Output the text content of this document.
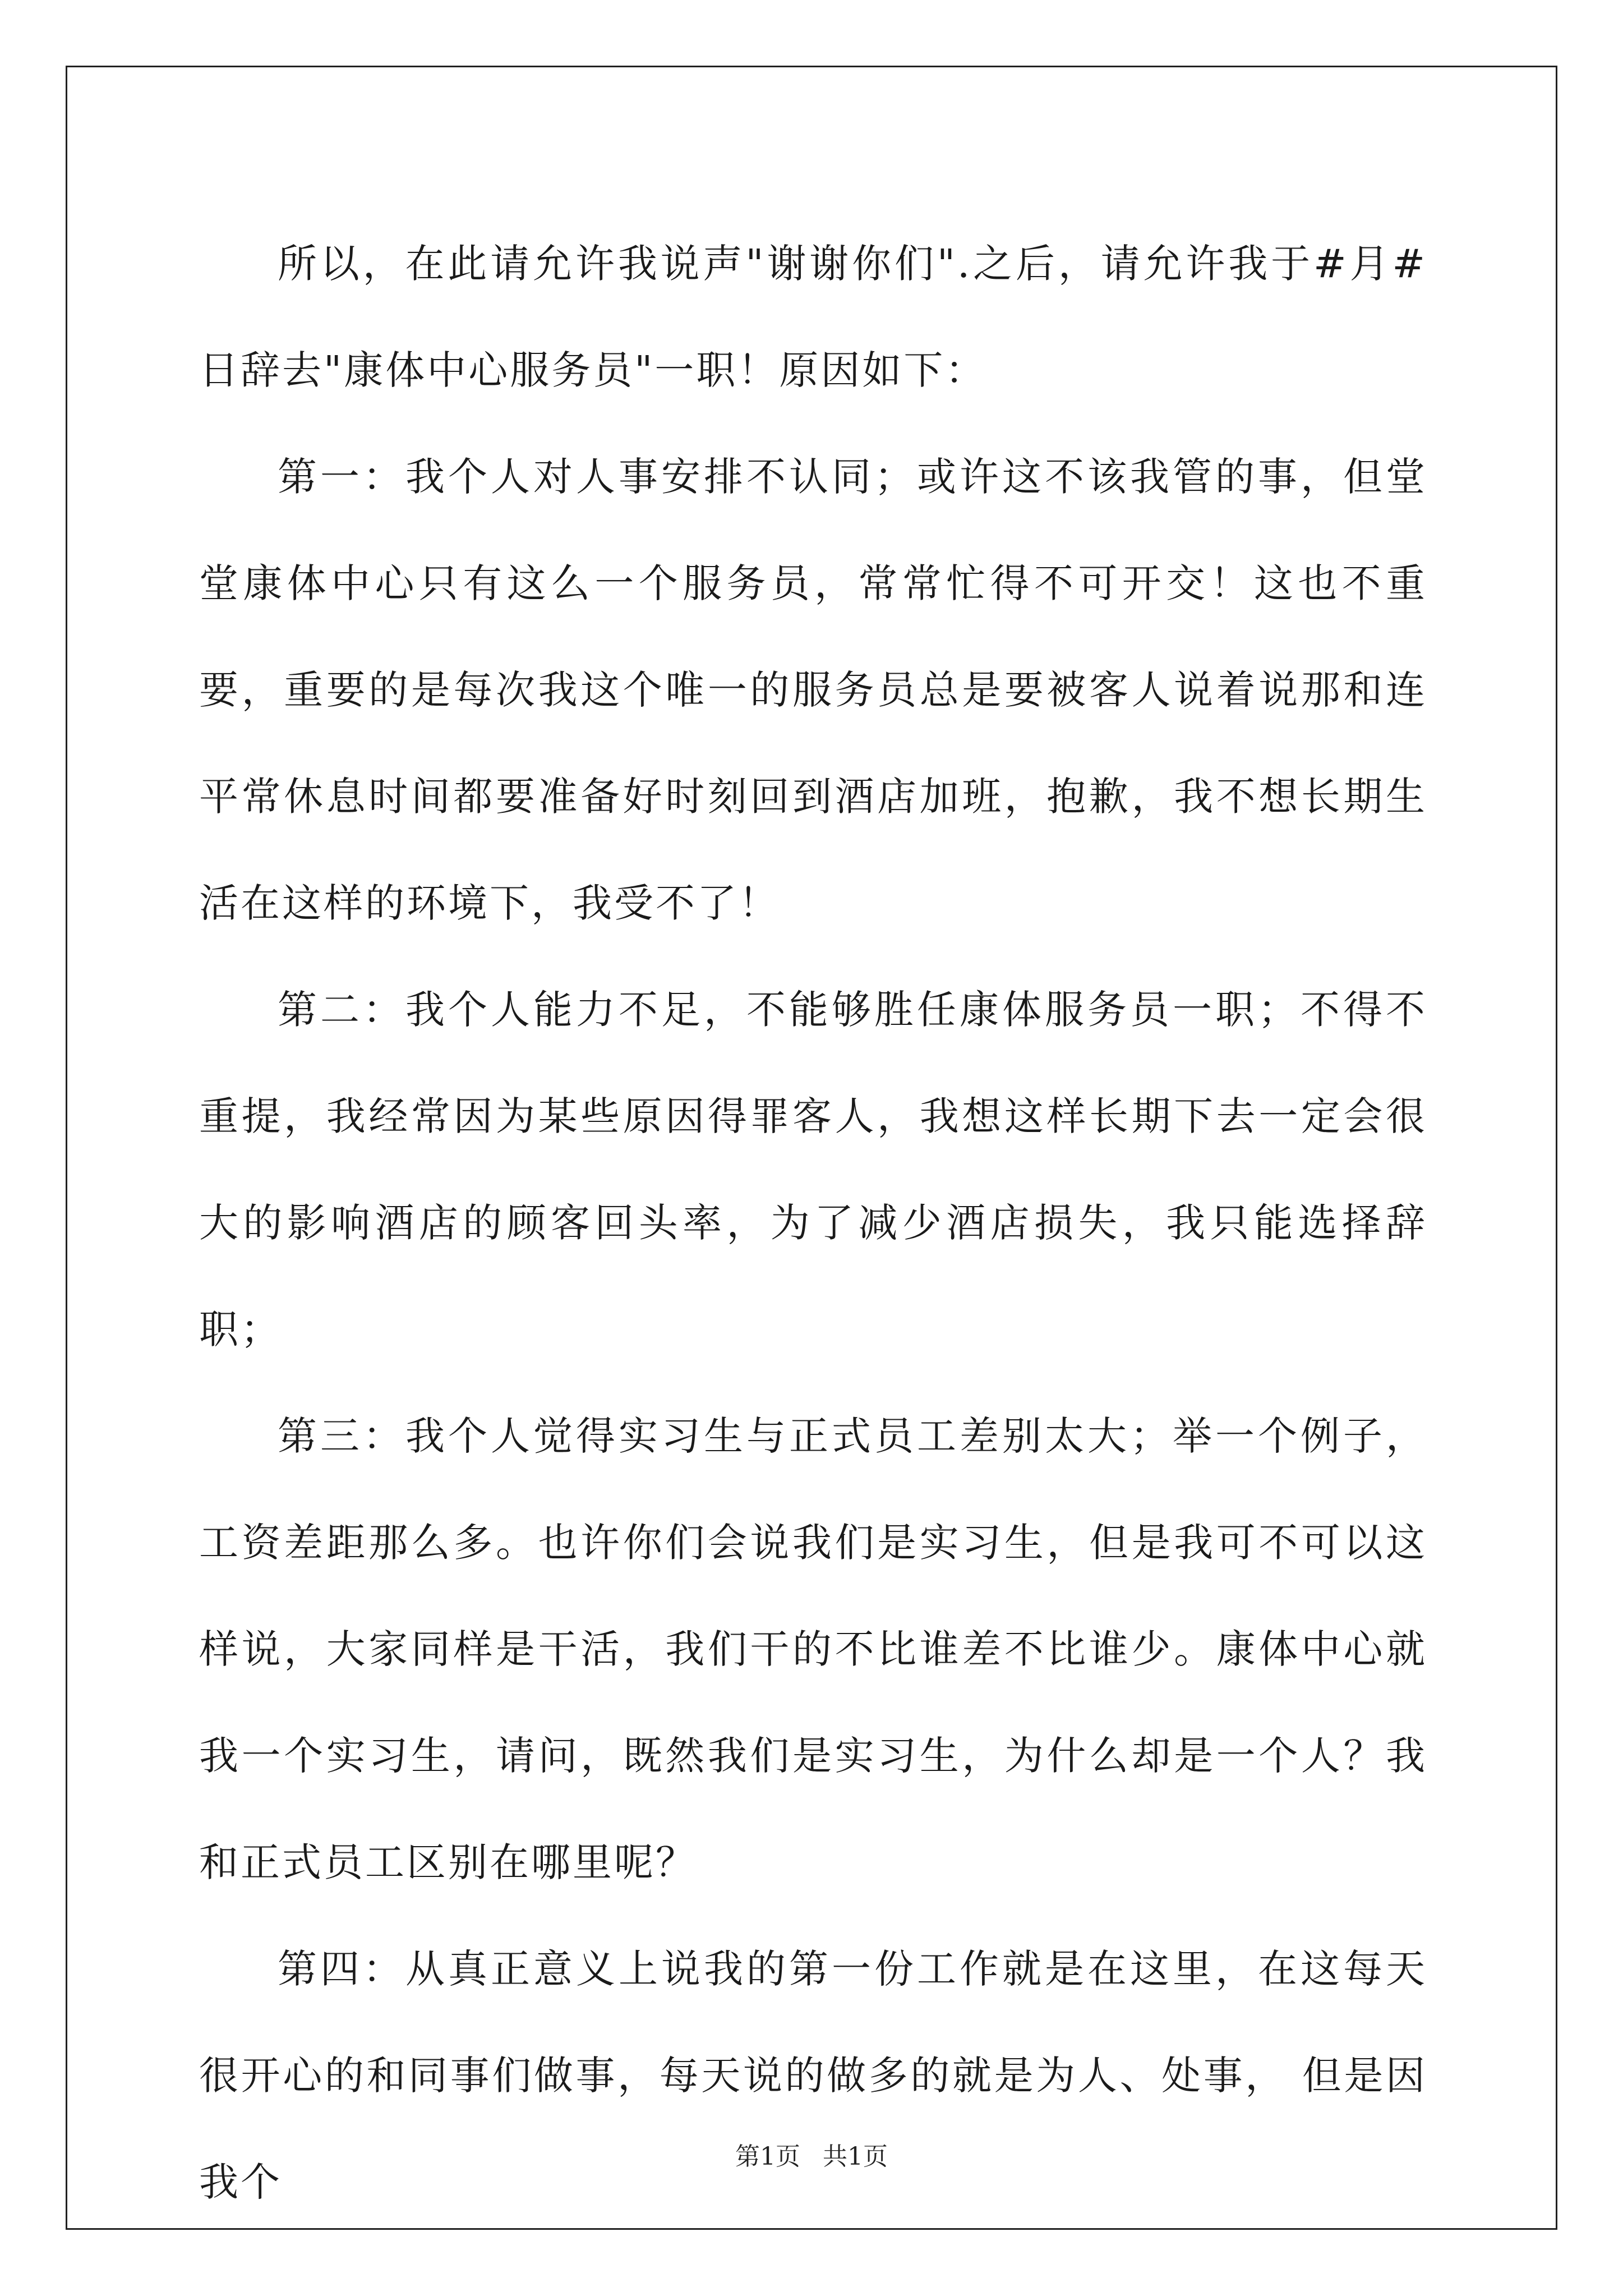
所以，在此请允许我说声"谢谢你们".之后，请允许我于#月#日辞去"康体中心服务员"一职！原因如下：

第一：我个人对人事安排不认同；或许这不该我管的事，但堂堂康体中心只有这么一个服务员，常常忙得不可开交！这也不重要，重要的是每次我这个唯一的服务员总是要被客人说着说那和连平常休息时间都要准备好时刻回到酒店加班，抱歉，我不想长期生活在这样的环境下，我受不了！

第二：我个人能力不足，不能够胜任康体服务员一职；不得不重提，我经常因为某些原因得罪客人，我想这样长期下去一定会很大的影响酒店的顾客回头率，为了减少酒店损失，我只能选择辞职；

第三：我个人觉得实习生与正式员工差别太大；举一个例子，工资差距那么多。也许你们会说我们是实习生，但是我可不可以这样说，大家同样是干活，我们干的不比谁差不比谁少。康体中心就我一个实习生，请问，既然我们是实习生，为什么却是一个人？我和正式员工区别在哪里呢？

第四：从真正意义上说我的第一份工作就是在这里，在这每天很开心的和同事们做事，每天说的做多的就是为人、处事， 但是因我个

第1页 共1页
